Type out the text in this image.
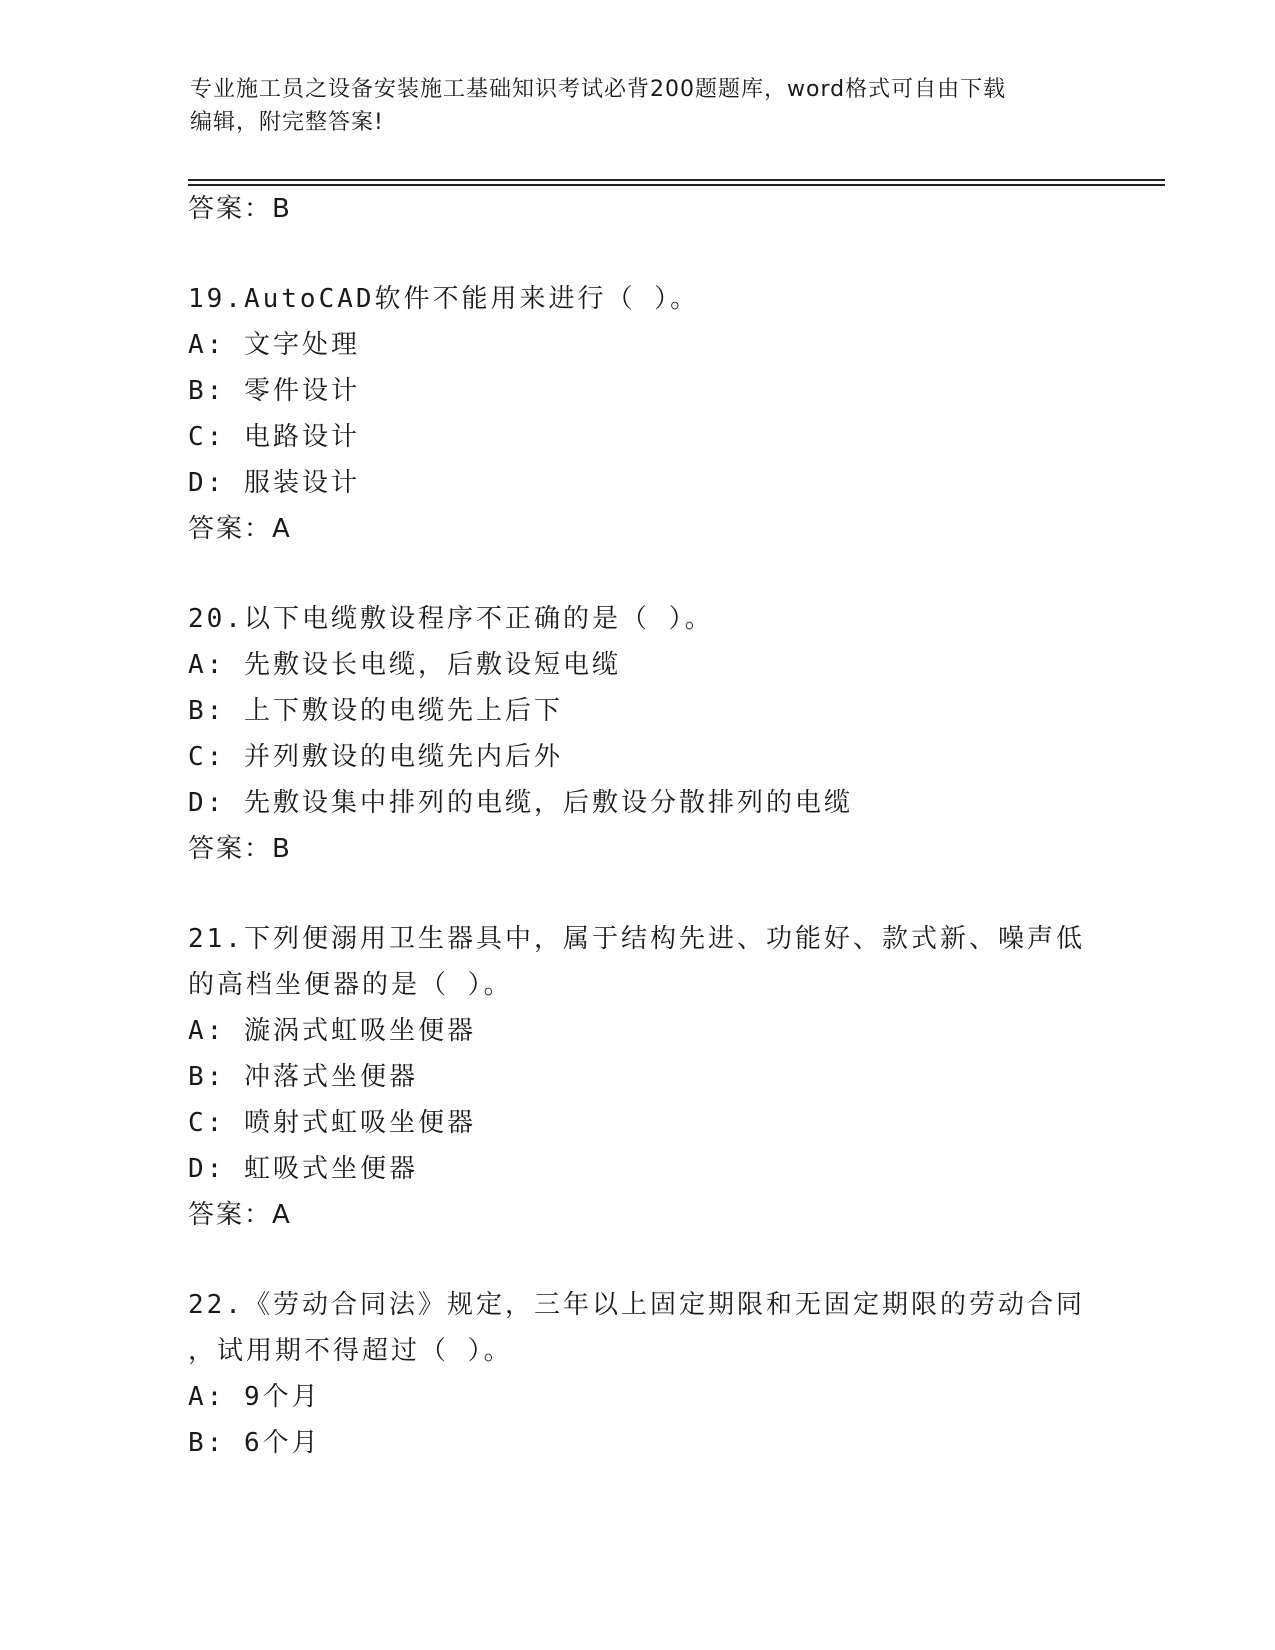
专业施工员之设备安装施工基础知识考试必背200题题库，word格式可自由下载
编辑，附完整答案!
答案：B
19.AutoCAD软件不能用来进行（ ）。
A: 文字处理
B: 零件设计
C: 电路设计
D: 服装设计
答案：A
20.以下电缆敷设程序不正确的是（ ）。
A: 先敷设长电缆，后敷设短电缆
B: 上下敷设的电缆先上后下
C: 并列敷设的电缆先内后外
D: 先敷设集中排列的电缆，后敷设分散排列的电缆
答案：B
21.下列便溺用卫生器具中，属于结构先进、功能好、款式新、噪声低
的高档坐便器的是（ ）。
A: 漩涡式虹吸坐便器
B: 冲落式坐便器
C: 喷射式虹吸坐便器
D: 虹吸式坐便器
答案：A
22.《劳动合同法》规定，三年以上固定期限和无固定期限的劳动合同
，试用期不得超过（ ）。
A: 9个月
B: 6个月
